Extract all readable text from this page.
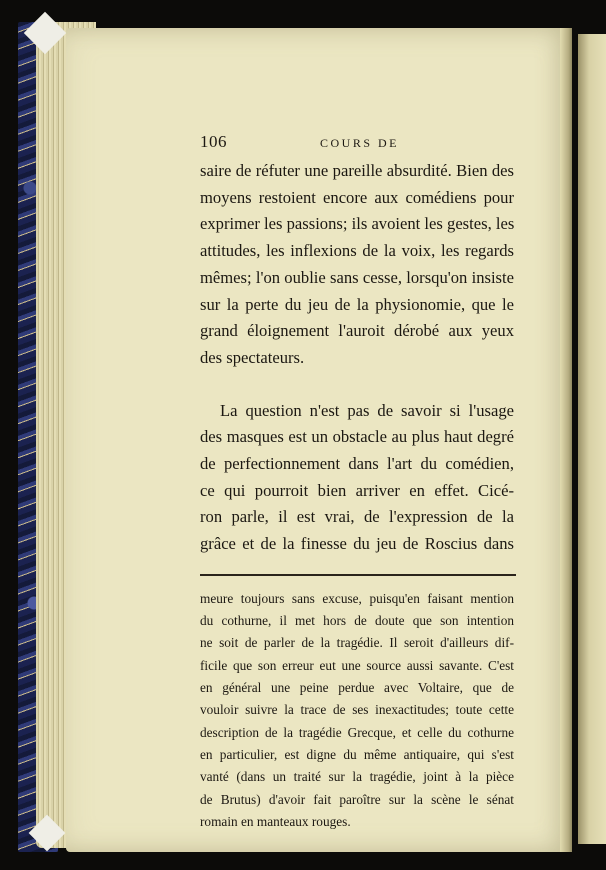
106	COURS DE
saire de réfuter une pareille absurdité. Bien des
moyens restoient encore aux comédiens pour
exprimer les passions; ils avoient les gestes, les
attitudes, les inflexions de la voix, les regards
mêmes; l'on oublie sans cesse, lorsqu'on insiste
sur la perte du jeu de la physionomie, que le
grand éloignement l'auroit dérobé aux yeux
des spectateurs.
La question n'est pas de savoir si l'usage
des masques est un obstacle au plus haut degré
de perfectionnement dans l'art du comédien,
ce qui pourroit bien arriver en effet. Cicé-
ron parle, il est vrai, de l'expression de la
grâce et de la finesse du jeu de Roscius dans
meure toujours sans excuse, puisqu'en faisant mention
du cothurne, il met hors de doute que son intention
ne soit de parler de la tragédie. Il seroit d'ailleurs dif-
ficile que son erreur eut une source aussi savante. C'est
en général une peine perdue avec Voltaire, que de
vouloir suivre la trace de ses inexactitudes; toute cette
description de la tragédie Grecque, et celle du cothurne
en particulier, est digne du même antiquaire, qui s'est
vanté (dans un traité sur la tragédie, joint à la pièce
de Brutus) d'avoir fait paroître sur la scène le sénat
romain en manteaux rouges.
